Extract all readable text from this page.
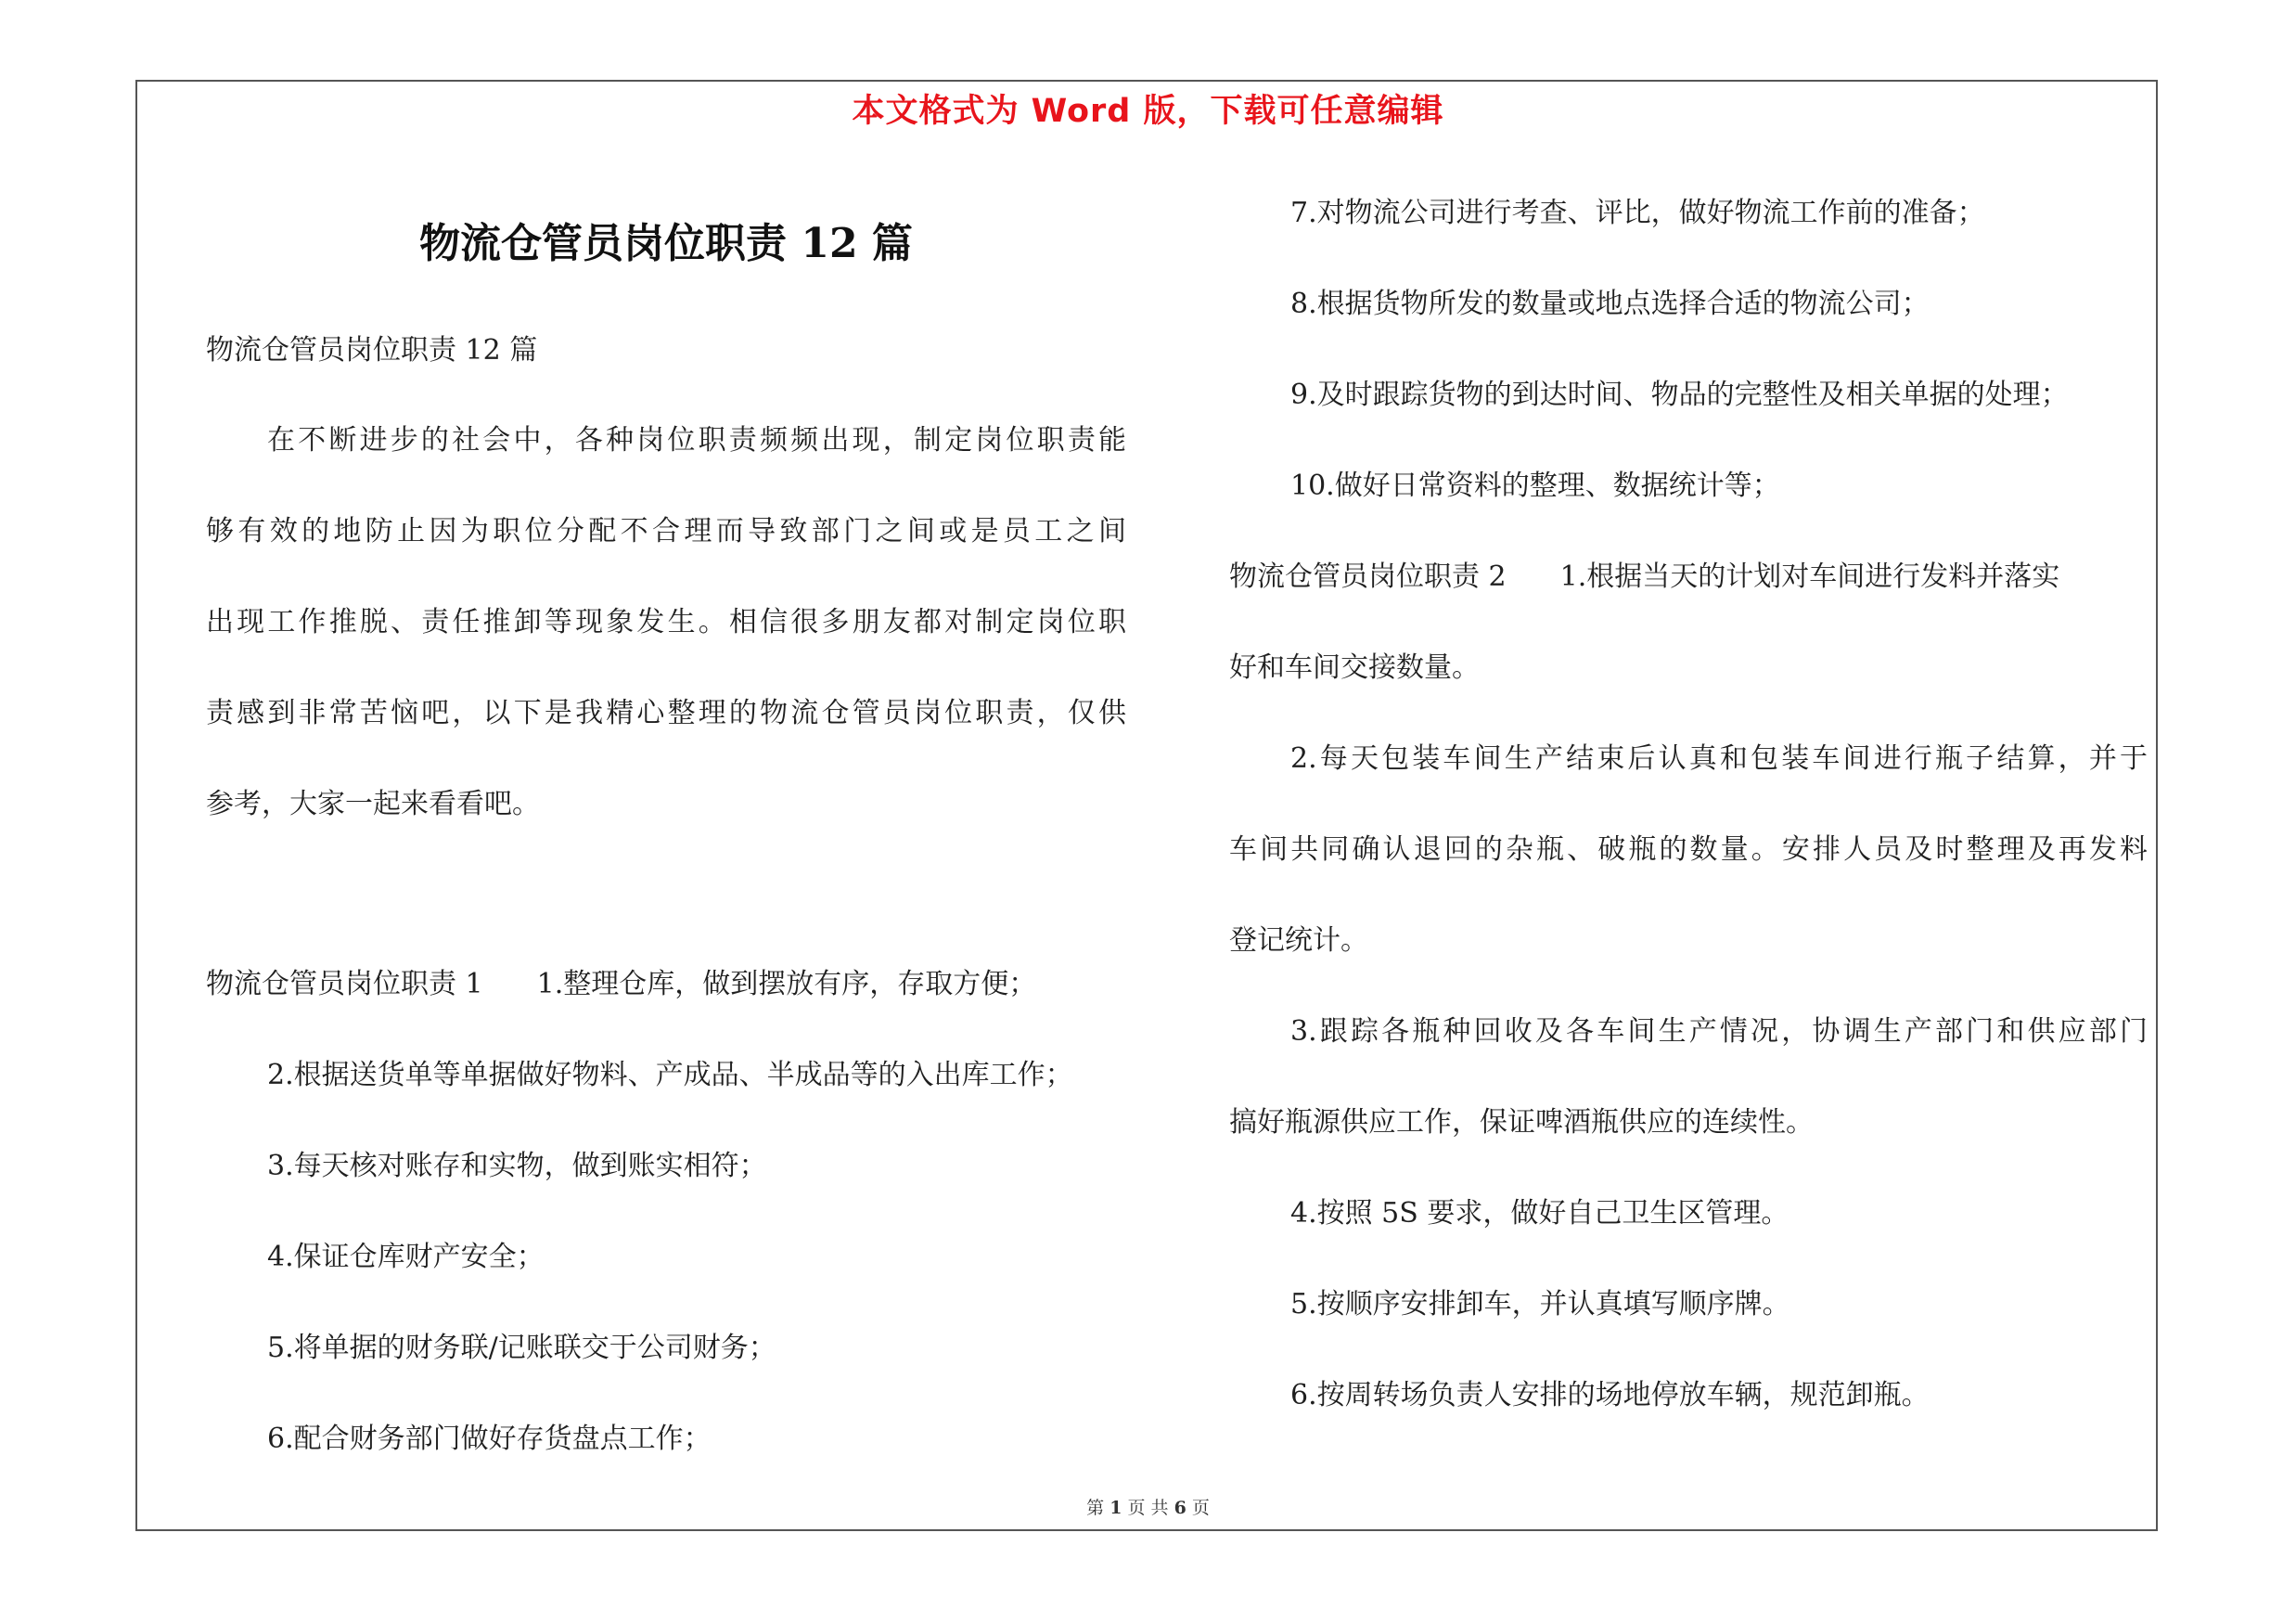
本文格式为 Word 版，下载可任意编辑
物流仓管员岗位职责 12 篇
物流仓管员岗位职责 12 篇
在不断进步的社会中，各种岗位职责频频出现，制定岗位职责能
够有效的地防止因为职位分配不合理而导致部门之间或是员工之间
出现工作推脱、责任推卸等现象发生。相信很多朋友都对制定岗位职
责感到非常苦恼吧，以下是我精心整理的物流仓管员岗位职责，仅供
参考，大家一起来看看吧。
物流仓管员岗位职责 1 1.整理仓库，做到摆放有序，存取方便；
2.根据送货单等单据做好物料、产成品、半成品等的入出库工作；
3.每天核对账存和实物，做到账实相符；
4.保证仓库财产安全；
5.将单据的财务联/记账联交于公司财务；
6.配合财务部门做好存货盘点工作；
7.对物流公司进行考查、评比，做好物流工作前的准备；
8.根据货物所发的数量或地点选择合适的物流公司；
9.及时跟踪货物的到达时间、物品的完整性及相关单据的处理；
10.做好日常资料的整理、数据统计等；
物流仓管员岗位职责 2 1.根据当天的计划对车间进行发料并落实
好和车间交接数量。
2.每天包装车间生产结束后认真和包装车间进行瓶子结算，并于
车间共同确认退回的杂瓶、破瓶的数量。安排人员及时整理及再发料
登记统计。
3.跟踪各瓶种回收及各车间生产情况，协调生产部门和供应部门
搞好瓶源供应工作，保证啤酒瓶供应的连续性。
4.按照 5S 要求，做好自己卫生区管理。
5.按顺序安排卸车，并认真填写顺序牌。
6.按周转场负责人安排的场地停放车辆，规范卸瓶。
第 1 页 共 6 页
